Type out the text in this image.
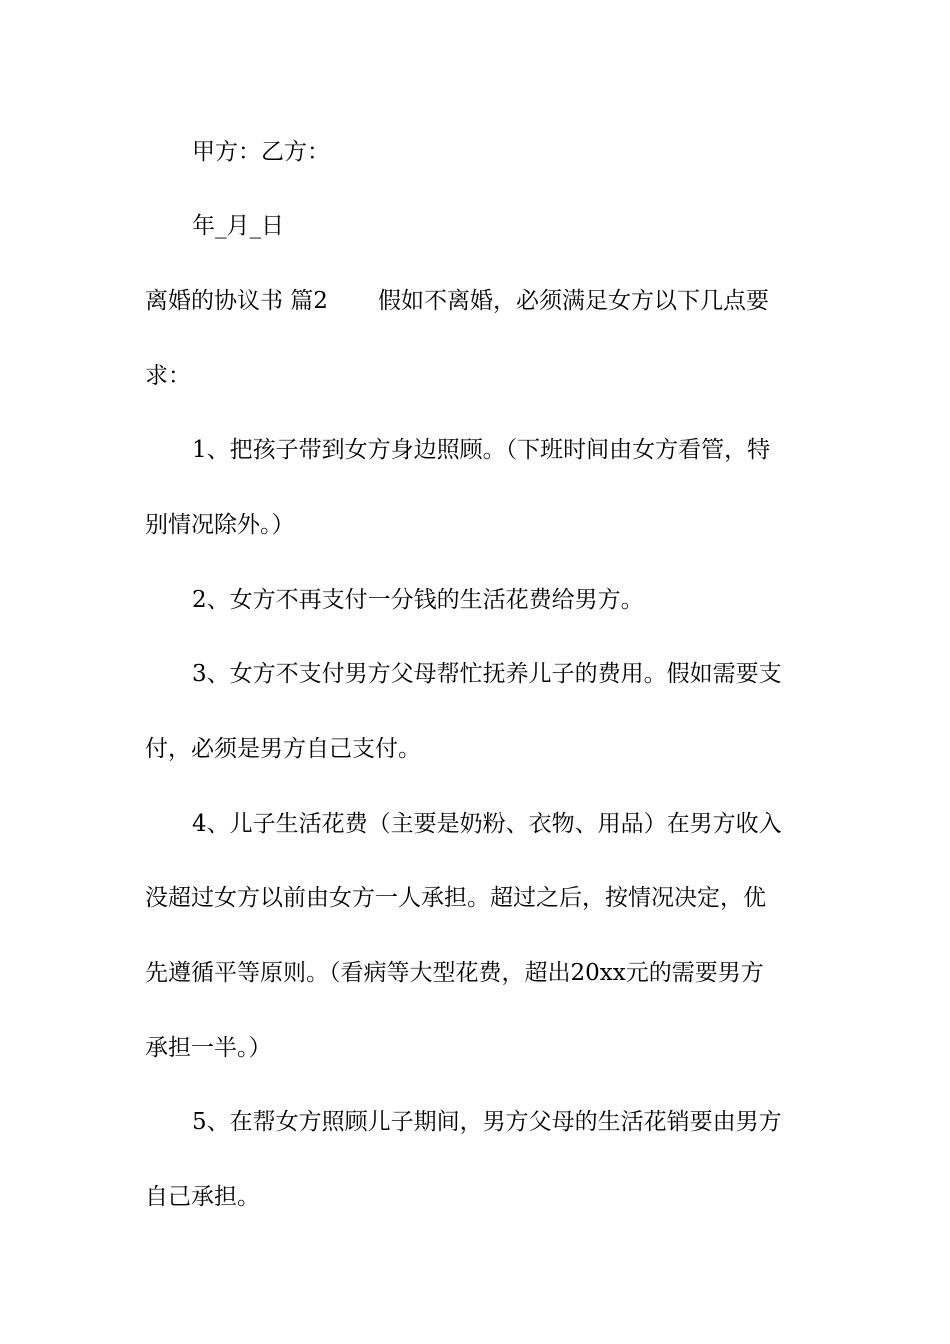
甲方：乙方：
年_月_日
离婚的协议书 篇2 假如不离婚，必须满足女方以下几点要
求：
1、把孩子带到女方身边照顾。（下班时间由女方看管，特
别情况除外。）
2、女方不再支付一分钱的生活花费给男方。
3、女方不支付男方父母帮忙抚养儿子的费用。假如需要支
付，必须是男方自己支付。
4、儿子生活花费（主要是奶粉、衣物、用品）在男方收入
没超过女方以前由女方一人承担。超过之后，按情况决定，优
先遵循平等原则。（看病等大型花费，超出20xx元的需要男方
承担一半。）
5、在帮女方照顾儿子期间，男方父母的生活花销要由男方
自己承担。
